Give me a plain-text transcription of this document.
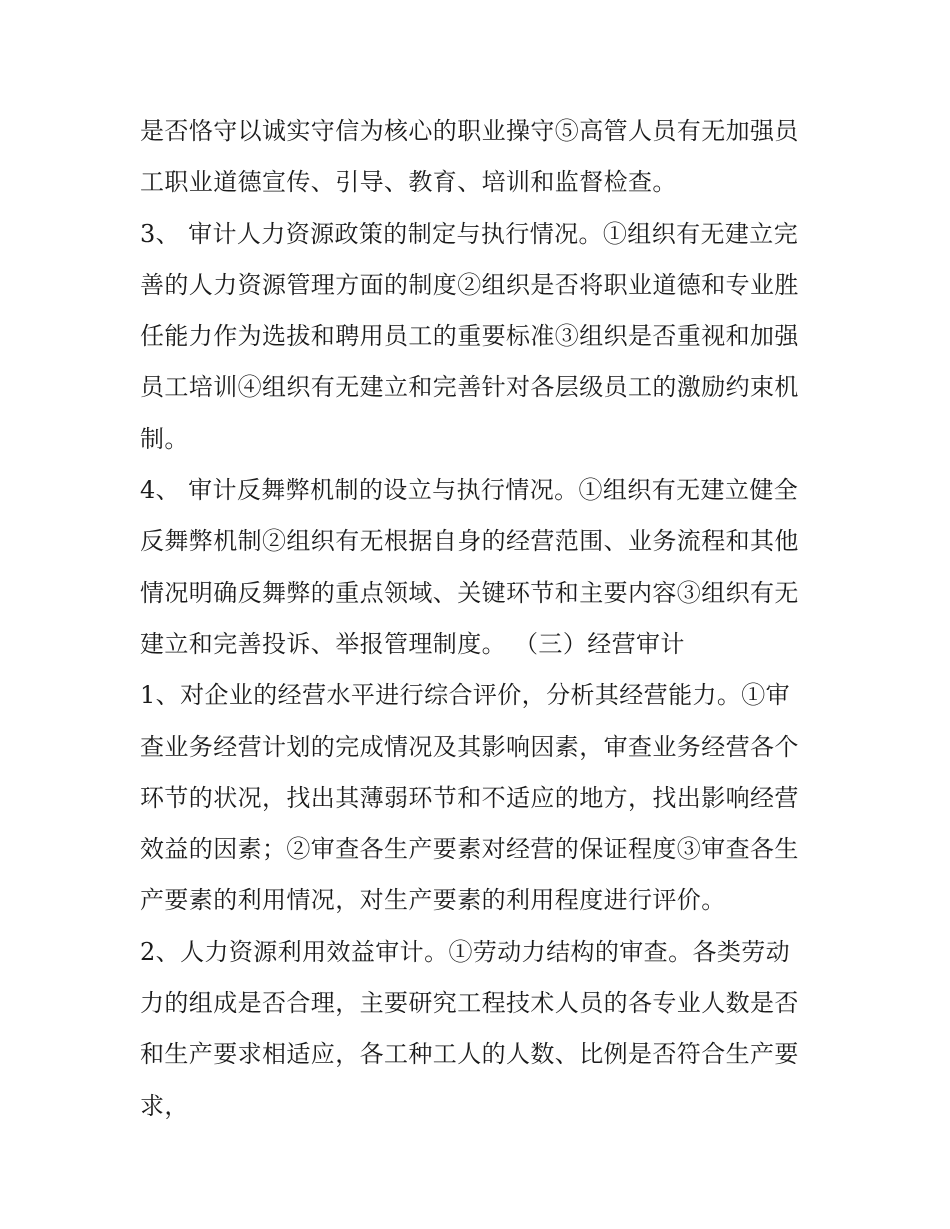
是否恪守以诚实守信为核心的职业操守⑤高管人员有无加强员
工职业道德宣传、引导、教育、培训和监督检查。
3、 审计人力资源政策的制定与执行情况。①组织有无建立完
善的人力资源管理方面的制度②组织是否将职业道德和专业胜
任能力作为选拔和聘用员工的重要标准③组织是否重视和加强
员工培训④组织有无建立和完善针对各层级员工的激励约束机
制。
4、 审计反舞弊机制的设立与执行情况。①组织有无建立健全
反舞弊机制②组织有无根据自身的经营范围、业务流程和其他
情况明确反舞弊的重点领域、关键环节和主要内容③组织有无
建立和完善投诉、举报管理制度。 （三）经营审计
1、对企业的经营水平进行综合评价，分析其经营能力。①审
查业务经营计划的完成情况及其影响因素，审查业务经营各个
环节的状况，找出其薄弱环节和不适应的地方，找出影响经营
效益的因素；②审查各生产要素对经营的保证程度③审查各生
产要素的利用情况，对生产要素的利用程度进行评价。
2、人力资源利用效益审计。①劳动力结构的审查。各类劳动
力的组成是否合理，主要研究工程技术人员的各专业人数是否
和生产要求相适应，各工种工人的人数、比例是否符合生产要
求，
